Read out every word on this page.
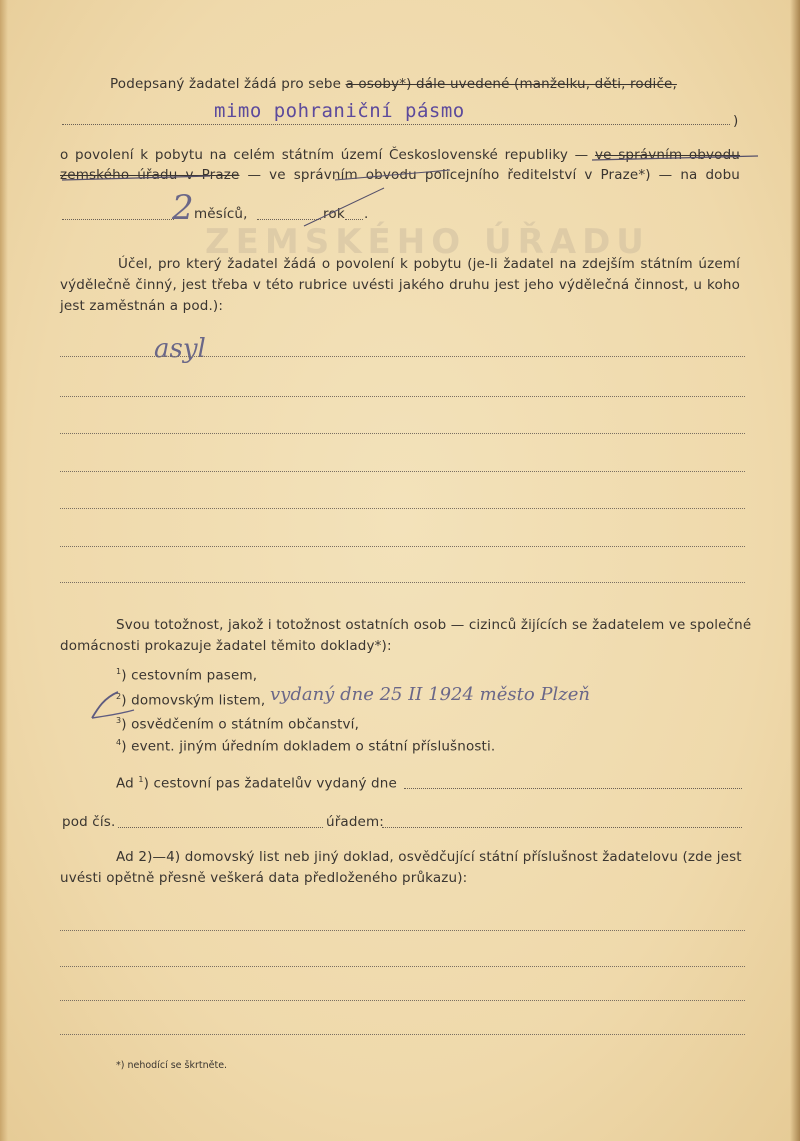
ZEMSKÉHO ÚŘADU
Podepsaný žadatel žádá pro sebe a osoby*) dále uvedené (manželku, děti, rodiče,
mimo pohraniční pásmo	)
o povolení k pobytu na celém státním území Československé republiky — ve správním obvodu
zemského úřadu v Praze — ve správním obvodu policejního ředitelství v Praze*) — na dobu
2 měsíců,	rok .
Účel, pro který žadatel žádá o povolení k pobytu (je-li žadatel na zdejším státním území
výdělečně činný, jest třeba v této rubrice uvésti jakého druhu jest jeho výdělečná činnost, u koho
jest zaměstnán a pod.):
asyl
Svou totožnost, jakož i totožnost ostatních osob — cizinců žijících se žadatelem ve společné
domácnosti prokazuje žadatel těmito doklady*):
$^1$) cestovním pasem,
$^2$) domovským listem, vydaný dne 25 II 1924 město Plzeň
$^3$) osvědčením o státním občanství,
$^4$) event. jiným úředním dokladem o státní příslušnosti.
Ad $^1$) cestovní pas žadatelův vydaný dne
pod čís.	úřadem:
Ad 2)—4) domovský list neb jiný doklad, osvědčující státní příslušnost žadatelovu (zde jest
uvésti opětně přesně veškerá data předloženého průkazu):
*) nehodící se škrtněte.
